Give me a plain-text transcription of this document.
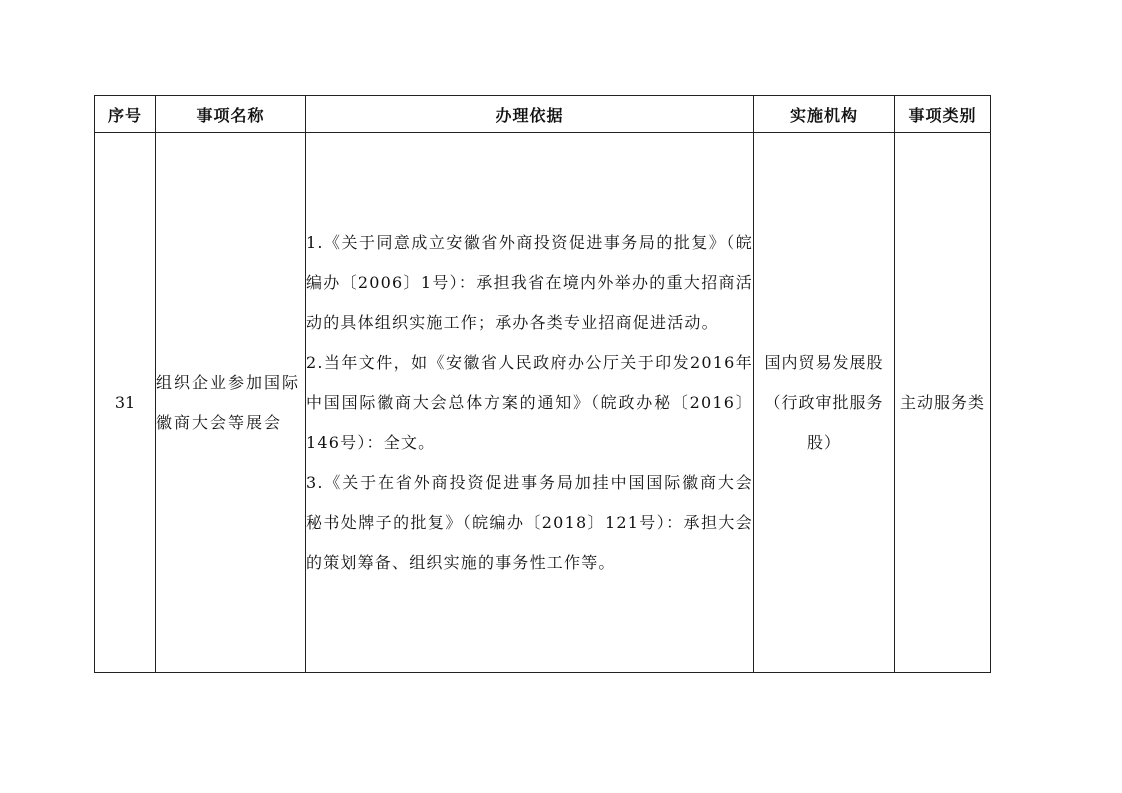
序号	事项名称	办理依据	实施机构	事项类别
31	组织企业参加国际徽商大会等展会	1.《关于同意成立安徽省外商投资促进事务局的批复》（皖编办〔2006〕1号）：承担我省在境内外举办的重大招商活动的具体组织实施工作；承办各类专业招商促进活动。
2.当年文件，如《安徽省人民政府办公厅关于印发2016年中国国际徽商大会总体方案的通知》（皖政办秘〔2016〕146号）：全文。
3.《关于在省外商投资促进事务局加挂中国国际徽商大会秘书处牌子的批复》（皖编办〔2018〕121号）：承担大会的策划筹备、组织实施的事务性工作等。	国内贸易发展股（行政审批服务股）	主动服务类
